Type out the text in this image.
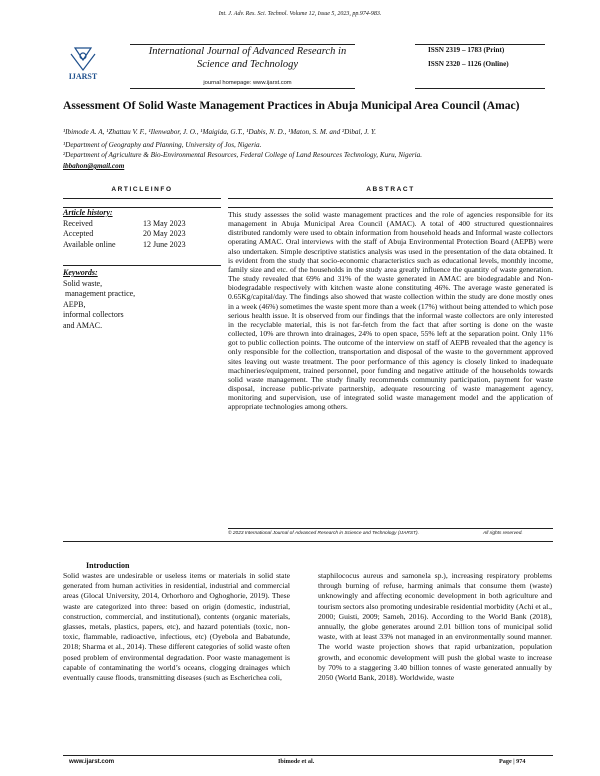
Int. J. Adv. Res. Sci. Technol. Volume 12, Issue 5, 2023, pp.974-983.
IJARST
International Journal of Advanced Research in Science and Technology
journal homepage: www.ijarst.com
ISSN 2319 – 1783 (Print)
ISSN 2320 – 1126 (Online)
Assessment Of Solid Waste Management Practices in Abuja Municipal Area Council (Amac)
¹Ibimode A. A, ¹Zhattau V. F., ¹Ilenwabor, J. O., ¹Maigida, G.T., ¹Dabis, N. D., ¹Maton, S. M. and ²Dibal, J. Y.
¹Department of Geography and Planning, University of Jos, Nigeria.
²Department of Agriculture & Bio-Environmental Resources, Federal College of Land Resources Technology, Kuru, Nigeria.
ibbahon@gmail.com
ARTICLEINFO	ABSTRACT
Article history:
Received	13 May 2023
Accepted	20 May 2023
Available online	12 June 2023
Keywords:
Solid waste,
management practice,
AEPB,
informal collectors
and AMAC.
This study assesses the solid waste management practices and the role of agencies responsible for its management in Abuja Municipal Area Council (AMAC). A total of 400 structured questionnaires distributed randomly were used to obtain information from household heads and Informal waste collectors operating AMAC. Oral interviews with the staff of Abuja Environmental Protection Board (AEPB) were also undertaken. Simple descriptive statistics analysis was used in the presentation of the data obtained. It is evident from the study that socio-economic characteristics such as educational levels, monthly income, family size and etc. of the households in the study area greatly influence the quantity of waste generation. The study revealed that 69% and 31% of the waste generated in AMAC are biodegradable and Non-biodegradable respectively with kitchen waste alone constituting 46%. The average waste generated is 0.65Kg/capital/day. The findings also showed that waste collection within the study are done mostly ones in a week (46%) sometimes the waste spent more than a week (17%) without being attended to which pose serious health issue. It is observed from our findings that the informal waste collectors are only interested in the recyclable material, this is not far-fetch from the fact that after sorting is done on the waste collected, 10% are thrown into drainages, 24% to open space, 55% left at the separation point. Only 11% got to public collection points. The outcome of the interview on staff of AEPB revealed that the agency is only responsible for the collection, transportation and disposal of the waste to the government approved sites leaving out waste treatment. The poor performance of this agency is closely linked to inadequate machineries/equipment, trained personnel, poor funding and negative attitude of the households towards solid waste management. The study finally recommends community participation, payment for waste disposal, increase public-private partnership, adequate resourcing of waste management agency, monitoring and supervision, use of integrated solid waste management model and the application of appropriate technologies among others.
© 2023 International Journal of Advanced Research in Science and Technology (IJARST).	All rights reserved.
Introduction
Solid wastes are undesirable or useless items or materials in solid state generated from human activities in residential, industrial and commercial areas (Glocal University, 2014, Orhorhoro and Oghoghorie, 2019). These waste are categorized into three: based on origin (domestic, industrial, construction, commercial, and institutional), contents (organic materials, glasses, metals, plastics, papers, etc), and hazard potentials (toxic, non-toxic, flammable, radioactive, infectious, etc) (Oyebola and Babatunde, 2018; Sharma et al., 2014). These different categories of solid waste often posed problem of environmental degradation. Poor waste management is capable of contaminating the world’s oceans, clogging drainages which eventually cause floods, transmitting diseases (such as Escherichea coli,
staphilococus aureus and samonela sp.), increasing respiratory problems through burning of refuse, harming animals that consume them (waste) unknowingly and affecting economic development in both agriculture and tourism sectors also promoting undesirable residential morbidity (Achi et al., 2000; Guisti, 2009; Sameh, 2016). According to the World Bank (2018), annually, the globe generates around 2.01 billion tons of municipal solid waste, with at least 33% not managed in an environmentally sound manner. The world waste projection shows that rapid urbanization, population growth, and economic development will push the global waste to increase by 70% to a staggering 3.40 billion tonnes of waste generated annually by 2050 (World Bank, 2018). Worldwide, waste
www.ijarst.com	Ibimode et al.	Page | 974
